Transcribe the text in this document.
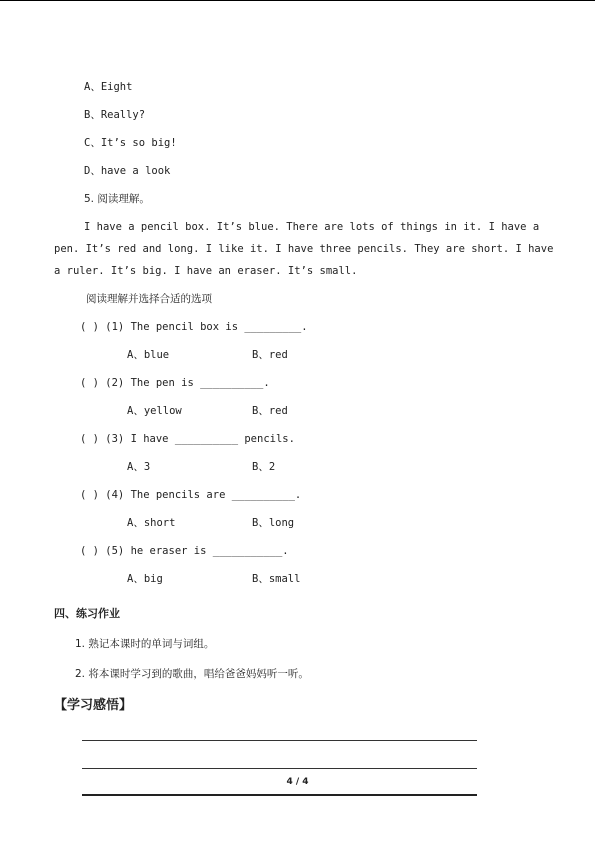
A、Eight
B、Really?
C、It’s so big!
D、have a look
5. 阅读理解。
I have a pencil box. It’s blue. There are lots of things in it. I have a
pen. It’s red and long. I like it. I have three pencils. They are short. I have
a ruler. It’s big. I have an eraser. It’s small.
阅读理解并选择合适的选项
( ) (1) The pencil box is _________.
A、blue	B、red
( ) (2) The pen is __________.
A、yellow	B、red
( ) (3) I have __________ pencils.
A、3	B、2
( ) (4) The pencils are __________.
A、short	B、long
( ) (5) he eraser is ___________.
A、big	B、small
四、练习作业
1. 熟记本课时的单词与词组。
2. 将本课时学习到的歌曲，唱给爸爸妈妈听一听。
【学习感悟】
4 / 4
